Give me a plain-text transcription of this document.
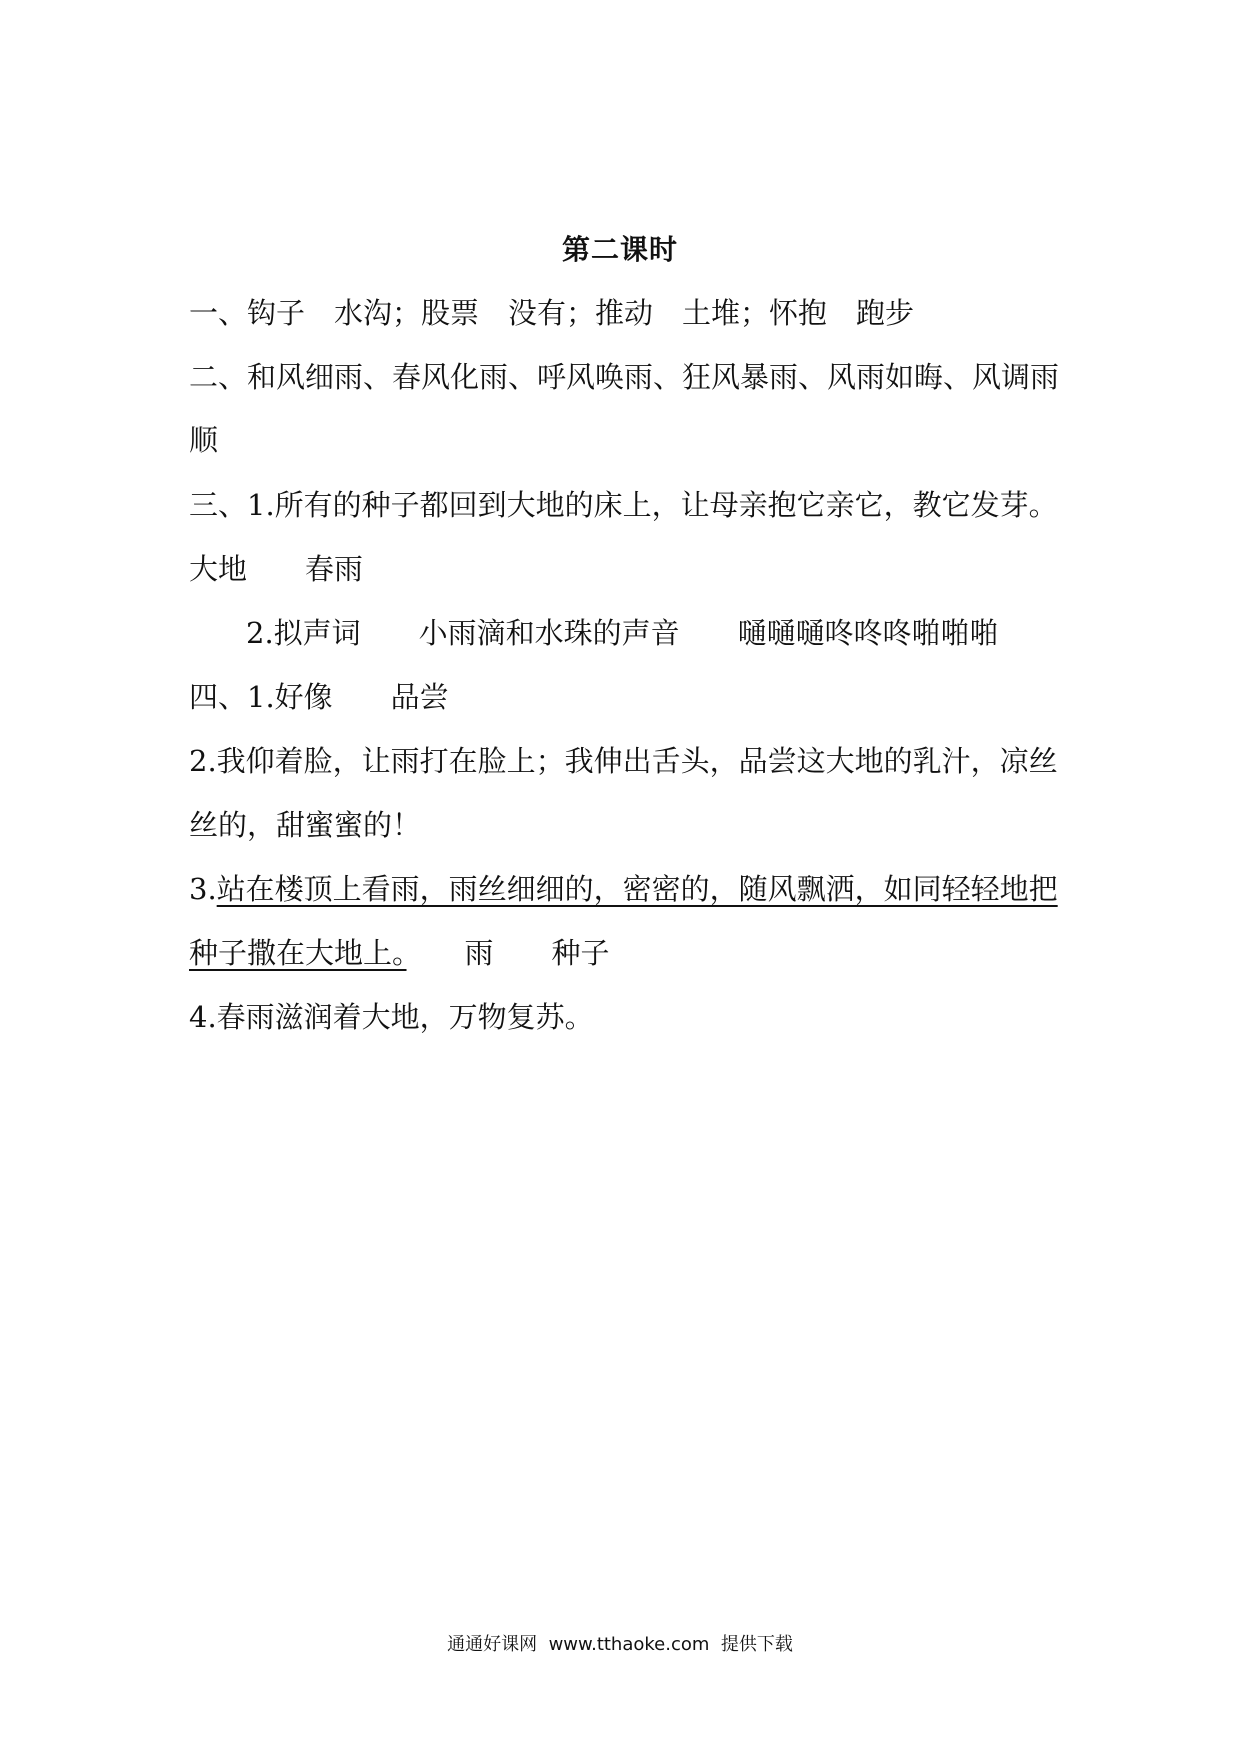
第二课时
一、钩子　水沟；股票　没有；推动　土堆；怀抱　跑步
二、和风细雨、春风化雨、呼风唤雨、狂风暴雨、风雨如晦、风调雨
顺
三、1.所有的种子都回到大地的床上，让母亲抱它亲它，教它发芽。
大地　　春雨
2.拟声词　　小雨滴和水珠的声音　　嗵嗵嗵咚咚咚啪啪啪
四、1.好像　　品尝
2.我仰着脸，让雨打在脸上；我伸出舌头，品尝这大地的乳汁，凉丝
丝的，甜蜜蜜的！
3.站在楼顶上看雨，雨丝细细的，密密的，随风飘洒，如同轻轻地把
种子撒在大地上。　　雨　　种子
4.春雨滋润着大地，万物复苏。
通通好课网  www.tthaoke.com  提供下载
